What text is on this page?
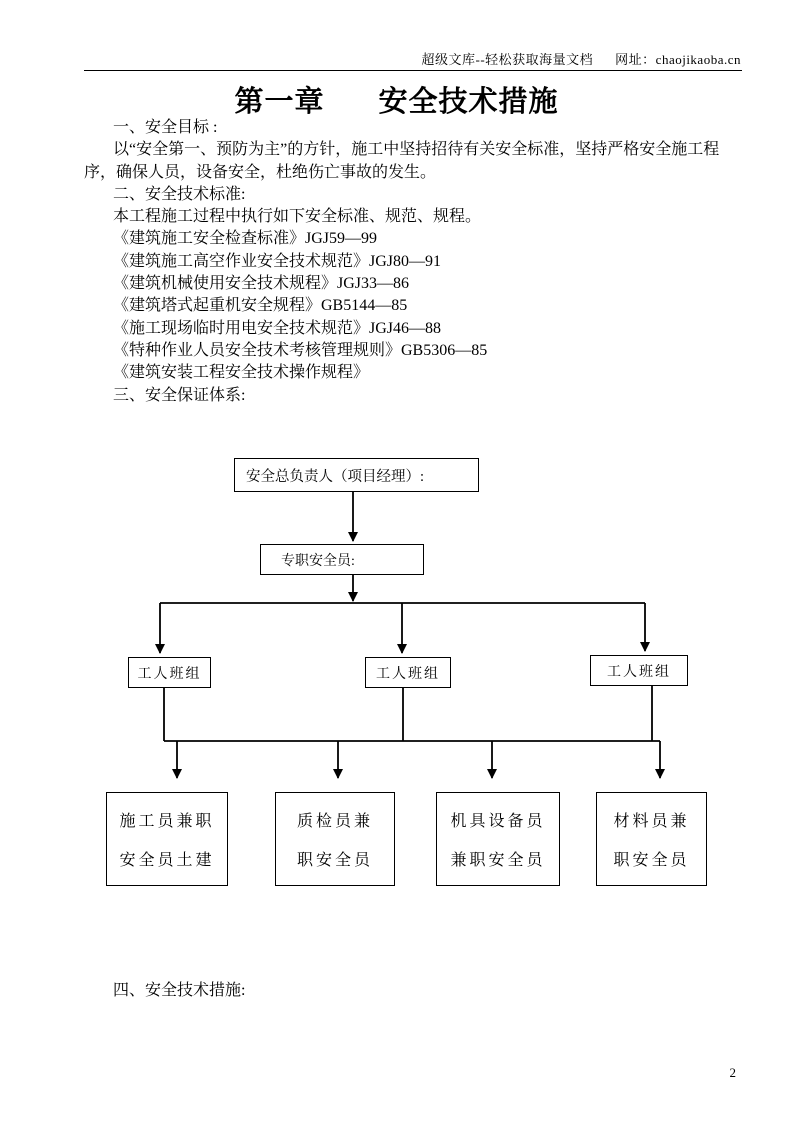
超级文库--轻松获取海量文档 网址：chaojikaoba.cn
第一章 安全技术措施
一、安全目标 :
以“安全第一、预防为主”的方针，施工中坚持招待有关安全标准，坚持严格安全施工程
序，确保人员，设备安全，杜绝伤亡事故的发生。
二、安全技术标准:
本工程施工过程中执行如下安全标准、规范、规程。
《建筑施工安全检查标准》JGJ59—99
《建筑施工高空作业安全技术规范》JGJ80—91
《建筑机械使用安全技术规程》JGJ33—86
《建筑塔式起重机安全规程》GB5144—85
《施工现场临时用电安全技术规范》JGJ46—88
《特种作业人员安全技术考核管理规则》GB5306—85
《建筑安装工程安全技术操作规程》
三、安全保证体系:
安全总负责人（项目经理）:
专职安全员:
工人班组	工人班组	工人班组
施工员兼职
安全员土建
质检员兼
职安全员
机具设备员
兼职安全员
材料员兼
职安全员
四、安全技术措施:
2
